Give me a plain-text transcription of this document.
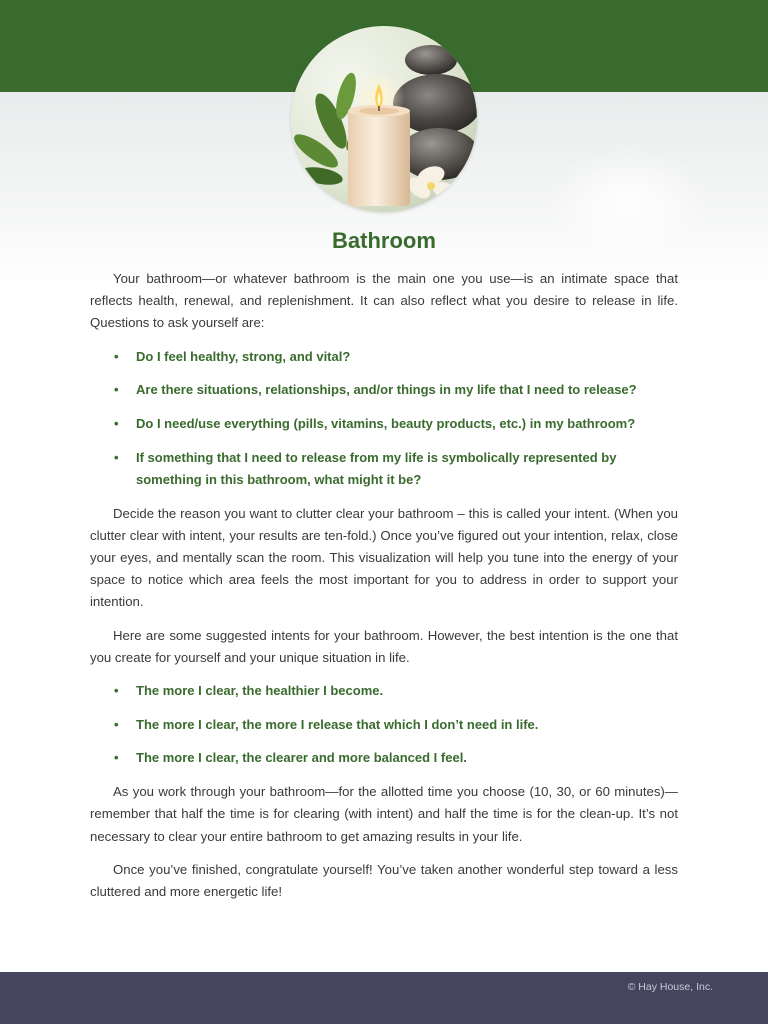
Bathroom

Your bathroom—or whatever bathroom is the main one you use—is an intimate space that reflects health, renewal, and replenishment. It can also reflect what you desire to release in life. Questions to ask yourself are:

• Do I feel healthy, strong, and vital?
• Are there situations, relationships, and/or things in my life that I need to release?
• Do I need/use everything (pills, vitamins, beauty products, etc.) in my bathroom?
• If something that I need to release from my life is symbolically represented by something in this bathroom, what might it be?

Decide the reason you want to clutter clear your bathroom – this is called your intent. (When you clutter clear with intent, your results are ten-fold.) Once you’ve figured out your intention, relax, close your eyes, and mentally scan the room. This visualization will help you tune into the energy of your space to notice which area feels the most important for you to address in order to support your intention.

Here are some suggested intents for your bathroom. However, the best intention is the one that you create for yourself and your unique situation in life.

• The more I clear, the healthier I become.
• The more I clear, the more I release that which I don’t need in life.
• The more I clear, the clearer and more balanced I feel.

As you work through your bathroom—for the allotted time you choose (10, 30, or 60 minutes)—remember that half the time is for clearing (with intent) and half the time is for the clean-up. It’s not necessary to clear your entire bathroom to get amazing results in your life.

Once you’ve finished, congratulate yourself! You’ve taken another wonderful step toward a less cluttered and more energetic life!

© Hay House, Inc.
